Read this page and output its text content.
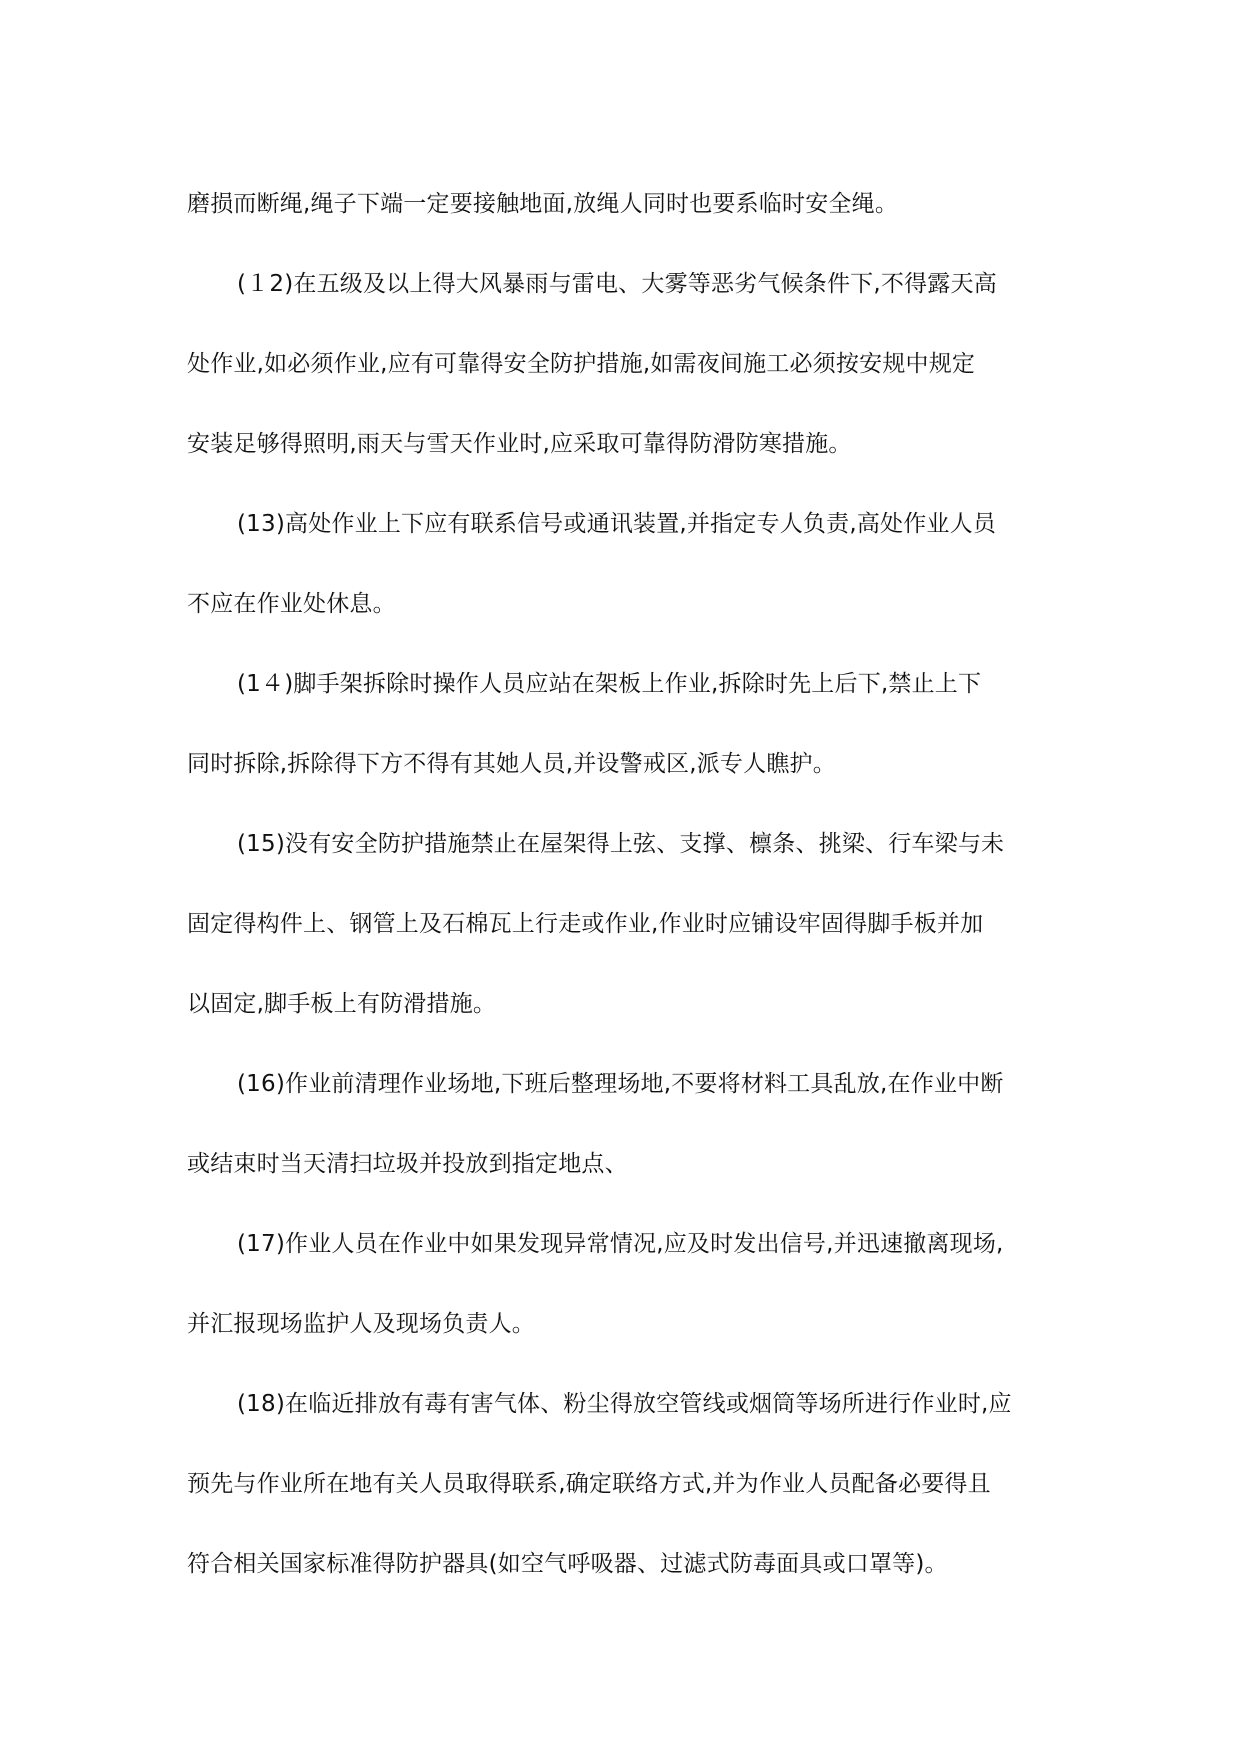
磨损而断绳,绳子下端一定要接触地面,放绳人同时也要系临时安全绳。

(１2)在五级及以上得大风暴雨与雷电、大雾等恶劣气候条件下,不得露天高
处作业,如必须作业,应有可靠得安全防护措施,如需夜间施工必须按安规中规定
安装足够得照明,雨天与雪天作业时,应采取可靠得防滑防寒措施。

(13)高处作业上下应有联系信号或通讯装置,并指定专人负责,高处作业人员
不应在作业处休息。

(1４)脚手架拆除时操作人员应站在架板上作业,拆除时先上后下,禁止上下
同时拆除,拆除得下方不得有其她人员,并设警戒区,派专人瞧护。

(15)没有安全防护措施禁止在屋架得上弦、支撑、檩条、挑梁、行车梁与未
固定得构件上、钢管上及石棉瓦上行走或作业,作业时应铺设牢固得脚手板并加
以固定,脚手板上有防滑措施。

(16)作业前清理作业场地,下班后整理场地,不要将材料工具乱放,在作业中断
或结束时当天清扫垃圾并投放到指定地点、

(17)作业人员在作业中如果发现异常情况,应及时发出信号,并迅速撤离现场,
并汇报现场监护人及现场负责人。

(18)在临近排放有毒有害气体、粉尘得放空管线或烟筒等场所进行作业时,应
预先与作业所在地有关人员取得联系,确定联络方式,并为作业人员配备必要得且
符合相关国家标准得防护器具(如空气呼吸器、过滤式防毒面具或口罩等)。
